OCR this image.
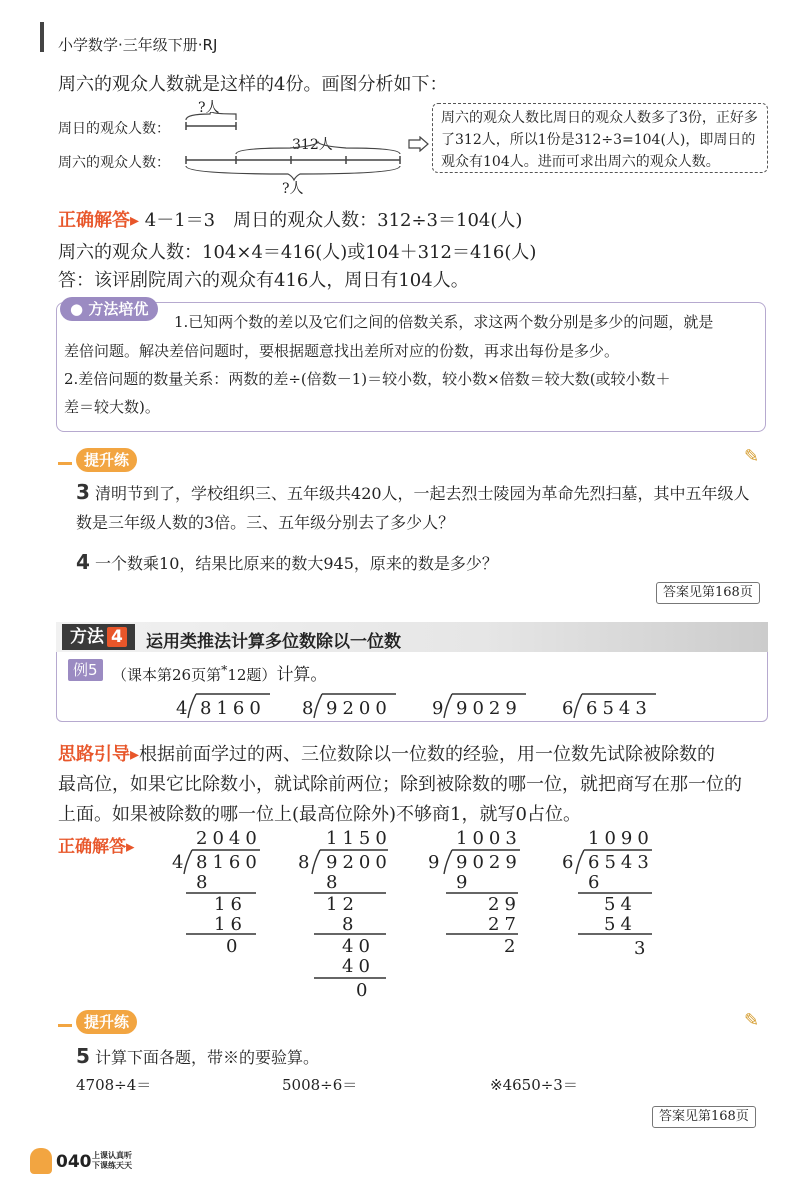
小学数学·三年级下册·RJ
周六的观众人数就是这样的4份。画图分析如下：
周日的观众人数：
周六的观众人数：
?人
?人
312人
周六的观众人数比周日的观众人数多了3份，正好多了312人，所以1份是312÷3=104(人)，即周日的观众有104人。进而可求出周六的观众人数。
正确解答▸ 4－1＝3　周日的观众人数：312÷3＝104(人)
周六的观众人数：104×4＝416(人)或104＋312＝416(人)
答：该评剧院周六的观众有416人，周日有104人。
● 方法培优
1.已知两个数的差以及它们之间的倍数关系，求这两个数分别是多少的问题，就是
差倍问题。解决差倍问题时，要根据题意找出差所对应的份数，再求出每份是多少。
2.差倍问题的数量关系：两数的差÷(倍数－1)＝较小数，较小数×倍数＝较大数(或较小数＋
差＝较大数)。
提升练	✎
3 清明节到了，学校组织三、五年级共420人，一起去烈士陵园为革命先烈扫墓，其中五年级人
数是三年级人数的3倍。三、五年级分别去了多少人？
4 一个数乘10，结果比原来的数大945，原来的数是多少？
答案见第168页
方法 4	运用类推法计算多位数除以一位数
例5 （课本第26页第*12题）计算。
4 8160 8 9200 9 9029 6 6543
思路引导▸根据前面学过的两、三位数除以一位数的经验，用一位数先试除被除数的
最高位，如果它比除数小，就试除前两位；除到被除数的哪一位，就把商写在那一位的
上面。如果被除数的哪一位上(最高位除外)不够商1，就写0占位。
正确解答▸	2040
4 8160
8
16
16
0
1150
8 9200
8
12
8
40
40
0
1003
9 9029
9
29
27
2
1090
6 6543
6
54
54
3
提升练	✎
5 计算下面各题，带※的要验算。
4708÷4＝	5008÷6＝	※4650÷3＝
答案见第168页
040 上课认真听
下课练天天
